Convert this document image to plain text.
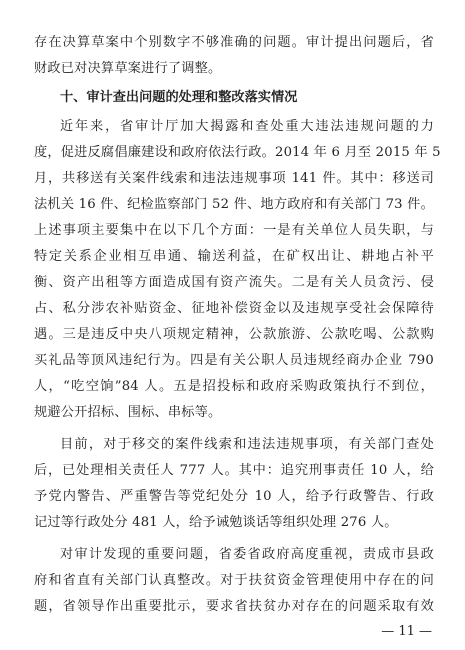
存在决算草案中个别数字不够准确的问题。审计提出问题后，省
财政已对决算草案进行了调整。
十、审计查出问题的处理和整改落实情况
近年来，省审计厅加大揭露和查处重大违法违规问题的力
度，促进反腐倡廉建设和政府依法行政。2014 年 6 月至 2015 年 5
月，共移送有关案件线索和违法违规事项 141 件。其中：移送司
法机关 16 件、纪检监察部门 52 件、地方政府和有关部门 73 件。
上述事项主要集中在以下几个方面：一是有关单位人员失职，与
特定关系企业相互串通、输送利益，在矿权出让、耕地占补平
衡、资产出租等方面造成国有资产流失。二是有关人员贪污、侵
占、私分涉农补贴资金、征地补偿资金以及违规享受社会保障待
遇。三是违反中央八项规定精神，公款旅游、公款吃喝、公款购
买礼品等顶风违纪行为。四是有关公职人员违规经商办企业 790
人，“吃空饷”84 人。五是招投标和政府采购政策执行不到位，
规避公开招标、围标、串标等。
目前，对于移交的案件线索和违法违规事项，有关部门查处
后，已处理相关责任人 777 人。其中：追究刑事责任 10 人，给
予党内警告、严重警告等党纪处分 10 人，给予行政警告、行政
记过等行政处分 481 人，给予诫勉谈话等组织处理 276 人。
对审计发现的重要问题，省委省政府高度重视，责成市县政
府和省直有关部门认真整改。对于扶贫资金管理使用中存在的问
题，省领导作出重要批示，要求省扶贫办对存在的问题采取有效
— 11 —
